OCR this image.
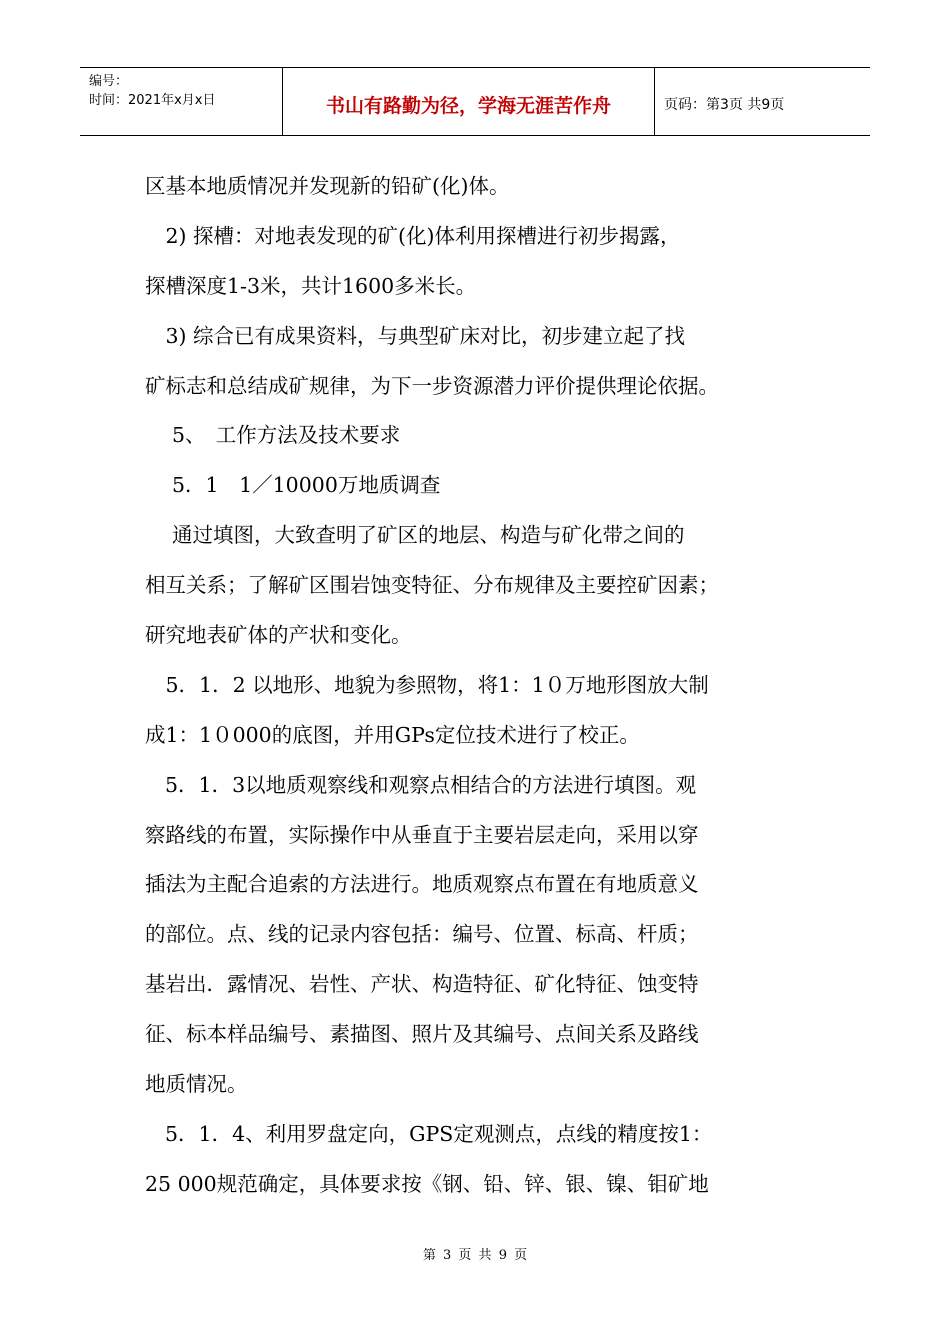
编号：
时间：2021年x月x日	书山有路勤为径，学海无涯苦作舟	页码：第3页 共9页
区基本地质情况并发现新的铅矿(化)体。
　2) 探槽：对地表发现的矿(化)体利用探槽进行初步揭露，
探槽深度1-3米，共计1600多米长。
　3) 综合已有成果资料，与典型矿床对比，初步建立起了找
矿标志和总结成矿规律，为下一步资源潜力评价提供理论依据。
　 5、　工作方法及技术要求
　 5．1　1／10000万地质调查
　 通过填图，大致查明了矿区的地层、构造与矿化带之间的
相互关系；了解矿区围岩蚀变特征、分布规律及主要控矿因素；
研究地表矿体的产状和变化。
　5．1．2 以地形、地貌为参照物，将1：1０万地形图放大制
成1：1０000的底图，并用GPs定位技术进行了校正。
5．1．3以地质观察线和观察点相结合的方法进行填图。观
察路线的布置，实际操作中从垂直于主要岩层走向，采用以穿
插法为主配合追索的方法进行。地质观察点布置在有地质意义
的部位。点、线的记录内容包括：编号、位置、标高、杆质；
基岩出．露情况、岩性、产状、构造特征、矿化特征、蚀变特
征、标本样品编号、素描图、照片及其编号、点间关系及路线
地质情况。
5．1．4、利用罗盘定向，GPS定观测点，点线的精度按1：
25 000规范确定，具体要求按《钢、铅、锌、银、镍、钼矿地
第 3 页 共 9 页
